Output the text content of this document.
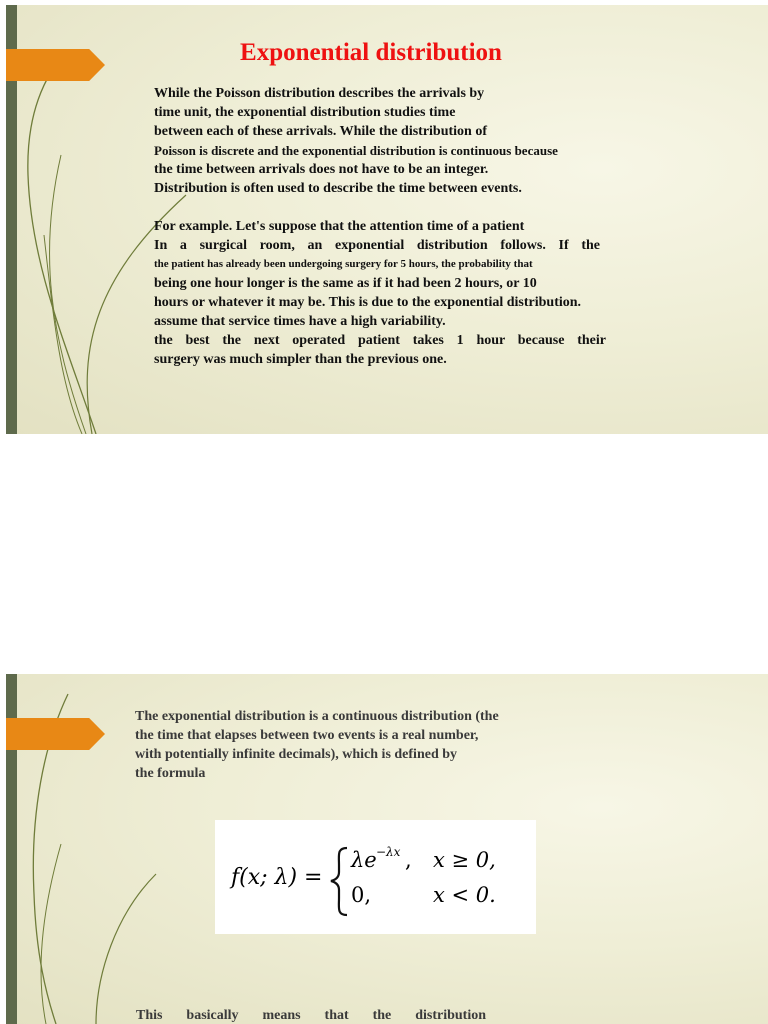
Exponential distribution
While the Poisson distribution describes the arrivals by
time unit, the exponential distribution studies time
between each of these arrivals. While the distribution of
Poisson is discrete and the exponential distribution is continuous because
the time between arrivals does not have to be an integer.
Distribution is often used to describe the time between events.
For example. Let's suppose that the attention time of a patient
In a surgical room, an exponential distribution follows. If the
the patient has already been undergoing surgery for 5 hours, the probability that
being one hour longer is the same as if it had been 2 hours, or 10
hours or whatever it may be. This is due to the exponential distribution.
assume that service times have a high variability.
the best the next operated patient takes 1 hour because their
surgery was much simpler than the previous one.
The exponential distribution is a continuous distribution (the
the time that elapses between two events is a real number,
with potentially infinite decimals), which is defined by
the formula
f(x; λ) =
λe −λx , x ≥ 0,
0,	x < 0.
This basically means that the distribution
